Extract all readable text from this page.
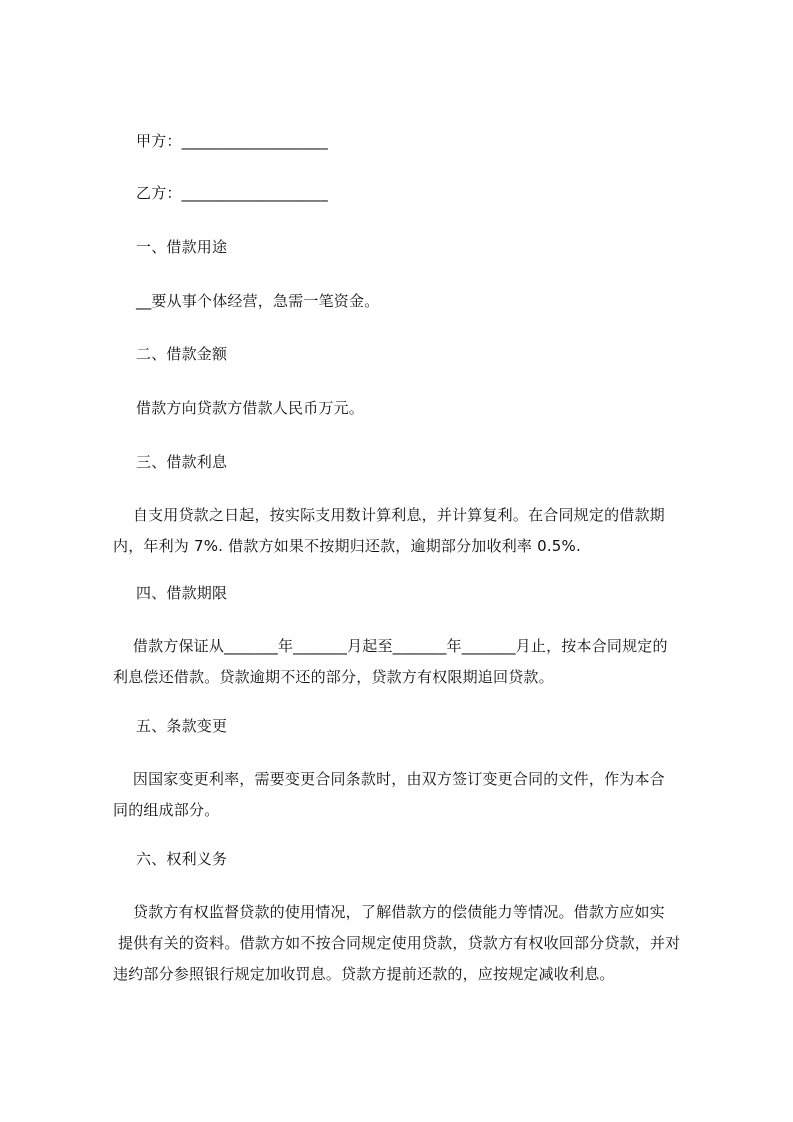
甲方：___________________
乙方：___________________
一、借款用途
__要从事个体经营，急需一笔资金。
二、借款金额
借款方向贷款方借款人民币万元。
三、借款利息
自支用贷款之日起，按实际支用数计算利息，并计算复利。在合同规定的借款期
内，年利为 7%. 借款方如果不按期归还款，逾期部分加收利率 0.5%.
四、借款期限
借款方保证从_______年_______月起至_______年_______月止，按本合同规定的
利息偿还借款。贷款逾期不还的部分，贷款方有权限期追回贷款。
五、条款变更
因国家变更利率，需要变更合同条款时，由双方签订变更合同的文件，作为本合
同的组成部分。
六、权利义务
贷款方有权监督贷款的使用情况，了解借款方的偿债能力等情况。借款方应如实
提供有关的资料。借款方如不按合同规定使用贷款，贷款方有权收回部分贷款，并对
违约部分参照银行规定加收罚息。贷款方提前还款的，应按规定减收利息。
